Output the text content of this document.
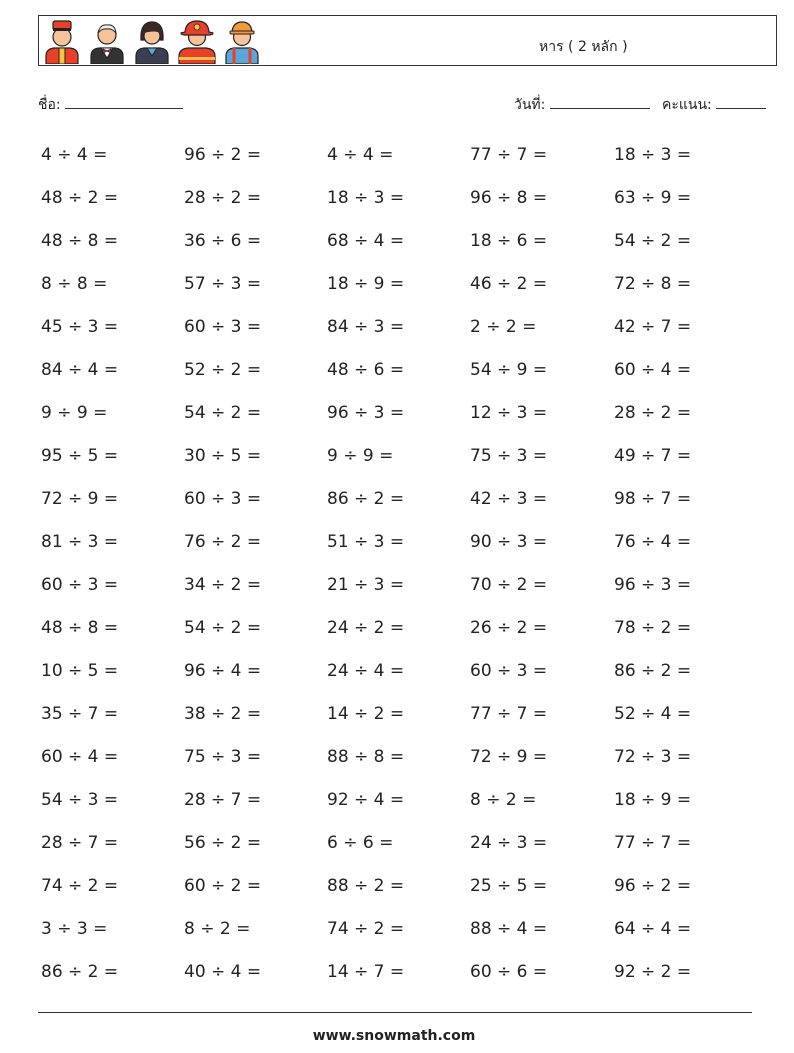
หาร ( 2 หลัก )
ชื่อ:	วันที่:	คะแนน:
4 ÷ 4 =	96 ÷ 2 =	4 ÷ 4 =	77 ÷ 7 =	18 ÷ 3 =
48 ÷ 2 =	28 ÷ 2 =	18 ÷ 3 =	96 ÷ 8 =	63 ÷ 9 =
48 ÷ 8 =	36 ÷ 6 =	68 ÷ 4 =	18 ÷ 6 =	54 ÷ 2 =
8 ÷ 8 =	57 ÷ 3 =	18 ÷ 9 =	46 ÷ 2 =	72 ÷ 8 =
45 ÷ 3 =	60 ÷ 3 =	84 ÷ 3 =	2 ÷ 2 =	42 ÷ 7 =
84 ÷ 4 =	52 ÷ 2 =	48 ÷ 6 =	54 ÷ 9 =	60 ÷ 4 =
9 ÷ 9 =	54 ÷ 2 =	96 ÷ 3 =	12 ÷ 3 =	28 ÷ 2 =
95 ÷ 5 =	30 ÷ 5 =	9 ÷ 9 =	75 ÷ 3 =	49 ÷ 7 =
72 ÷ 9 =	60 ÷ 3 =	86 ÷ 2 =	42 ÷ 3 =	98 ÷ 7 =
81 ÷ 3 =	76 ÷ 2 =	51 ÷ 3 =	90 ÷ 3 =	76 ÷ 4 =
60 ÷ 3 =	34 ÷ 2 =	21 ÷ 3 =	70 ÷ 2 =	96 ÷ 3 =
48 ÷ 8 =	54 ÷ 2 =	24 ÷ 2 =	26 ÷ 2 =	78 ÷ 2 =
10 ÷ 5 =	96 ÷ 4 =	24 ÷ 4 =	60 ÷ 3 =	86 ÷ 2 =
35 ÷ 7 =	38 ÷ 2 =	14 ÷ 2 =	77 ÷ 7 =	52 ÷ 4 =
60 ÷ 4 =	75 ÷ 3 =	88 ÷ 8 =	72 ÷ 9 =	72 ÷ 3 =
54 ÷ 3 =	28 ÷ 7 =	92 ÷ 4 =	8 ÷ 2 =	18 ÷ 9 =
28 ÷ 7 =	56 ÷ 2 =	6 ÷ 6 =	24 ÷ 3 =	77 ÷ 7 =
74 ÷ 2 =	60 ÷ 2 =	88 ÷ 2 =	25 ÷ 5 =	96 ÷ 2 =
3 ÷ 3 =	8 ÷ 2 =	74 ÷ 2 =	88 ÷ 4 =	64 ÷ 4 =
86 ÷ 2 =	40 ÷ 4 =	14 ÷ 7 =	60 ÷ 6 =	92 ÷ 2 =
www.snowmath.com
